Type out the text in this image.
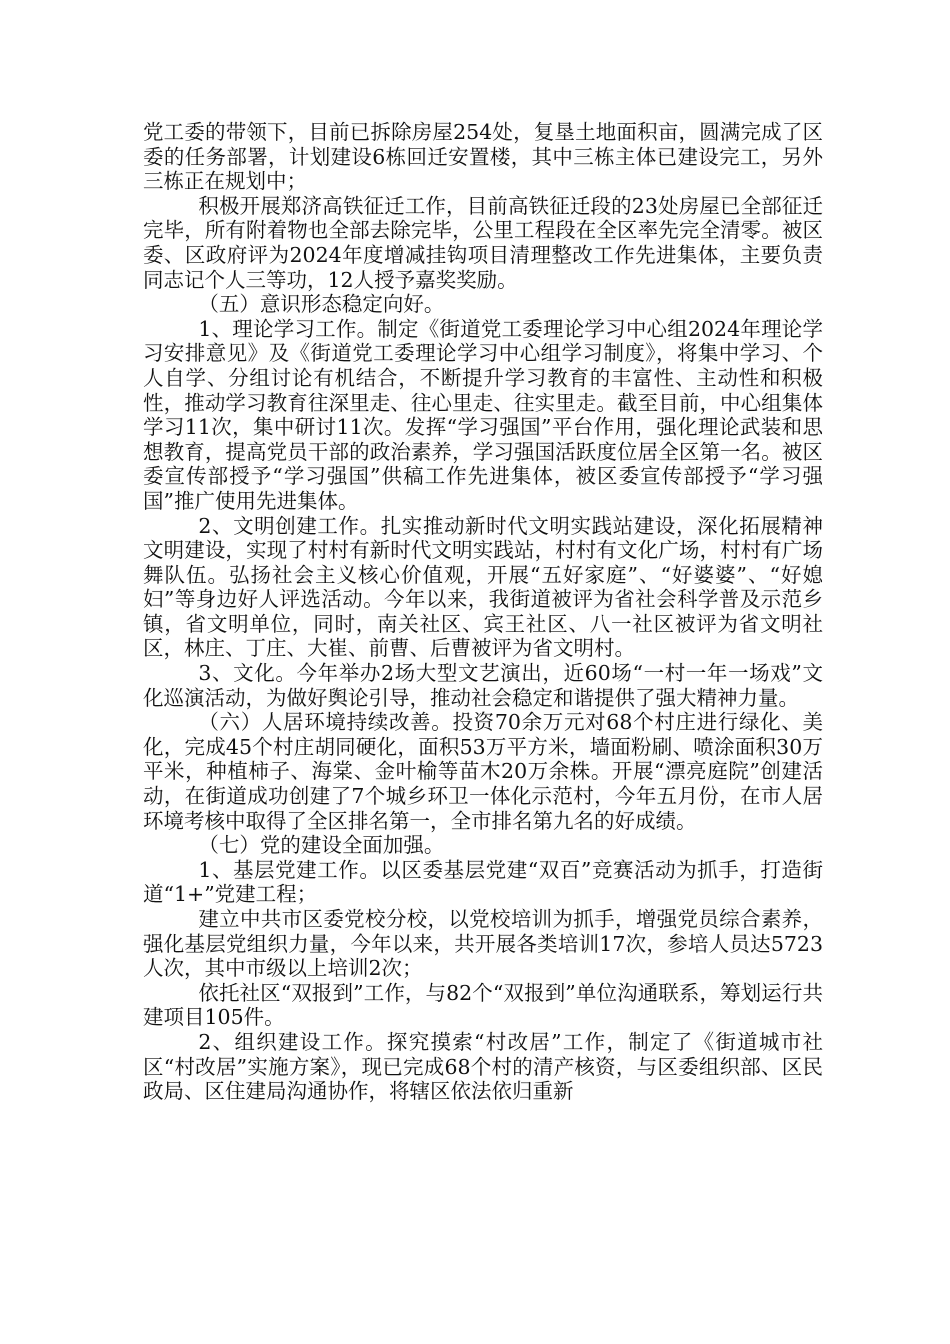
党工委的带领下，目前已拆除房屋254处，复垦土地面积亩，圆满完成了区委的任务部署，计划建设6栋回迁安置楼，其中三栋主体已建设完工，另外三栋正在规划中；

积极开展郑济高铁征迁工作，目前高铁征迁段的23处房屋已全部征迁完毕，所有附着物也全部去除完毕，公里工程段在全区率先完全清零。被区委、区政府评为2024年度增减挂钩项目清理整改工作先进集体，主要负责同志记个人三等功，12人授予嘉奖奖励。

（五）意识形态稳定向好。

1、理论学习工作。制定《街道党工委理论学习中心组2024年理论学习安排意见》及《街道党工委理论学习中心组学习制度》，将集中学习、个人自学、分组讨论有机结合，不断提升学习教育的丰富性、主动性和积极性，推动学习教育往深里走、往心里走、往实里走。截至目前，中心组集体学习11次，集中研讨11次。发挥“学习强国”平台作用，强化理论武装和思想教育，提高党员干部的政治素养，学习强国活跃度位居全区第一名。被区委宣传部授予“学习强国”供稿工作先进集体，被区委宣传部授予“学习强国”推广使用先进集体。

2、文明创建工作。扎实推动新时代文明实践站建设，深化拓展精神文明建设，实现了村村有新时代文明实践站，村村有文化广场，村村有广场舞队伍。弘扬社会主义核心价值观，开展“五好家庭”、“好婆婆”、“好媳妇”等身边好人评选活动。今年以来，我街道被评为省社会科学普及示范乡镇，省文明单位，同时，南关社区、宾王社区、八一社区被评为省文明社区，林庄、丁庄、大崔、前曹、后曹被评为省文明村。

3、文化。今年举办2场大型文艺演出，近60场“一村一年一场戏”文化巡演活动，为做好舆论引导，推动社会稳定和谐提供了强大精神力量。

（六）人居环境持续改善。投资70余万元对68个村庄进行绿化、美化，完成45个村庄胡同硬化，面积53万平方米，墙面粉刷、喷涂面积30万平米，种植柿子、海棠、金叶榆等苗木20万余株。开展“漂亮庭院”创建活动，在街道成功创建了7个城乡环卫一体化示范村，今年五月份，在市人居环境考核中取得了全区排名第一，全市排名第九名的好成绩。

（七）党的建设全面加强。

1、基层党建工作。以区委基层党建“双百”竞赛活动为抓手，打造街道“1+”党建工程；

建立中共市区委党校分校，以党校培训为抓手，增强党员综合素养，强化基层党组织力量，今年以来，共开展各类培训17次，参培人员达5723人次，其中市级以上培训2次；

依托社区“双报到”工作，与82个“双报到”单位沟通联系，筹划运行共建项目105件。

2、组织建设工作。探究摸索“村改居”工作，制定了《街道城市社区“村改居”实施方案》，现已完成68个村的清产核资，与区委组织部、区民政局、区住建局沟通协作，将辖区依法依归重新
